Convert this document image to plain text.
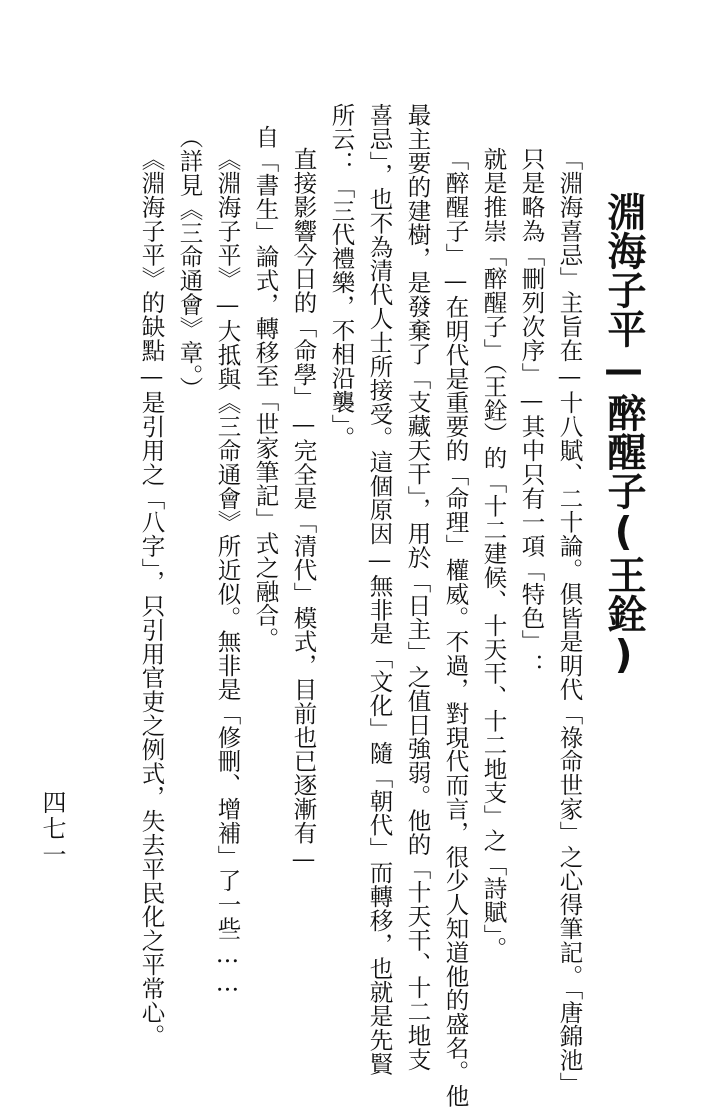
淵海子平—醉醒子(王銓)
「淵海喜忌」主旨在—十八賦、二十論。俱皆是明代「祿命世家」之心得筆記。「唐錦池」
只是略為「刪列次序」—其中只有一項「特色」：
就是推崇「醉醒子」（王銓）的「十二建候、十天干、十二地支」之「詩賦」。
「醉醒子」—在明代是重要的「命理」權威。不過，對現代而言，很少人知道他的盛名。他
最主要的建樹，是發棄了「支藏天干」，用於「日主」之值日強弱。他的「十天干、十二地支
喜忌」，也不為清代人士所接受。這個原因—無非是「文化」隨「朝代」而轉移，也就是先賢
所云：「三代禮樂，不相沿襲」。
直接影響今日的「命學」—完全是「清代」模式，目前也已逐漸有—
自「書生」論式，轉移至「世家筆記」式之融合。
《淵海子平》—大抵與《三命通會》所近似。無非是「修刪、增補」了一些……
（詳見《三命通會》章。）
《淵海子平》的缺點—是引用之「八字」，只引用官吏之例式，失去平民化之平常心。
四七一
